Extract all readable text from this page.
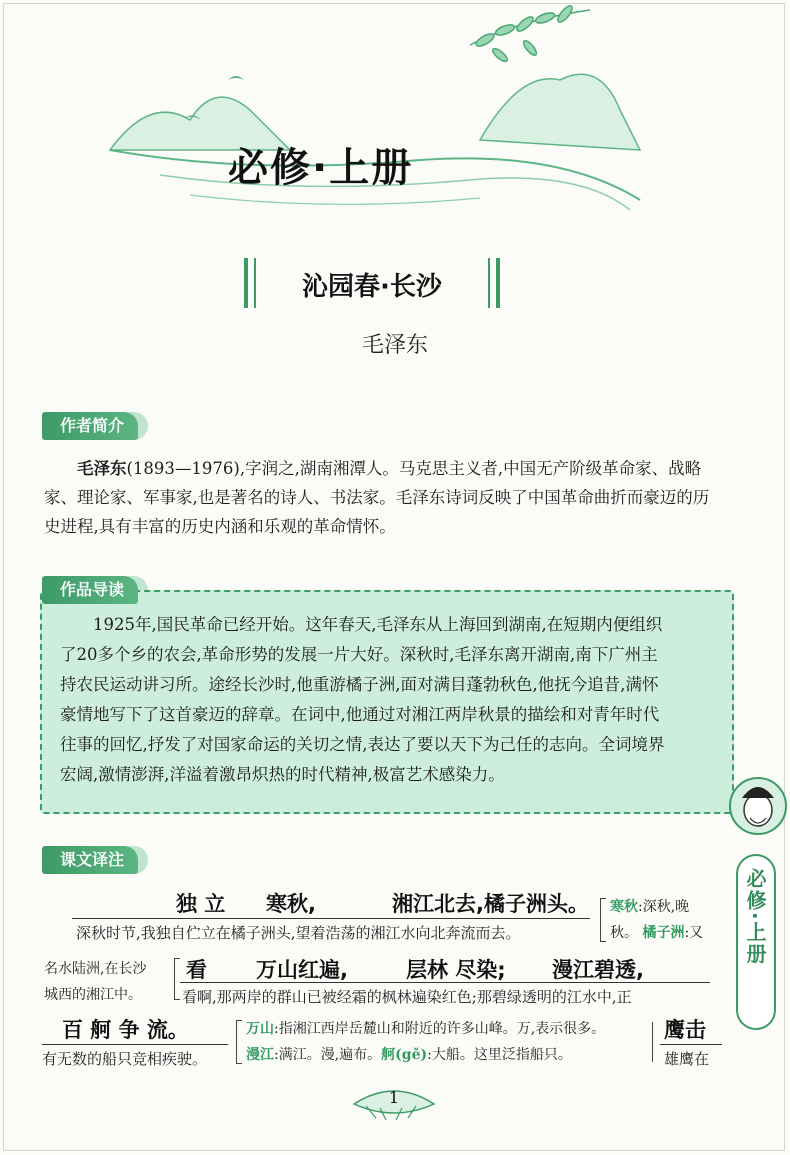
必修·上册
沁园春·长沙
毛泽东
作者简介
毛泽东(1893—1976),字润之,湖南湘潭人。马克思主义者,中国无产阶级革命家、战略
家、理论家、军事家,也是著名的诗人、书法家。毛泽东诗词反映了中国革命曲折而豪迈的历
史进程,具有丰富的历史内涵和乐观的革命情怀。
1925年,国民革命已经开始。这年春天,毛泽东从上海回到湖南,在短期内便组织
了20多个乡的农会,革命形势的发展一片大好。深秋时,毛泽东离开湖南,南下广州主
持农民运动讲习所。途经长沙时,他重游橘子洲,面对满目蓬勃秋色,他抚今追昔,满怀
豪情地写下了这首豪迈的辞章。在词中,他通过对湘江两岸秋景的描绘和对青年时代
往事的回忆,抒发了对国家命运的关切之情,表达了要以天下为己任的志向。全词境界
宏阔,激情澎湃,洋溢着激昂炽热的时代精神,极富艺术感染力。
作品导读
必修·上册
课文译注
独 立 寒秋,	湘江北去,橘子洲头。
深秋时节,我独自伫立在橘子洲头,望着浩荡的湘江水向北奔流而去。
寒秋:深秋,晚
秋。 橘子洲:又
名水陆洲,在长沙
城西的湘江中。
看 万山红遍,	层林 尽染; 漫江碧透,
看啊,那两岸的群山已被经霜的枫林遍染红色;那碧绿透明的江水中,正
百 舸 争 流。
有无数的船只竞相疾驶。
万山:指湘江西岸岳麓山和附近的许多山峰。万,表示很多。
漫江:满江。漫,遍布。舸(gě):大船。这里泛指船只。
鹰击
雄鹰在
1
